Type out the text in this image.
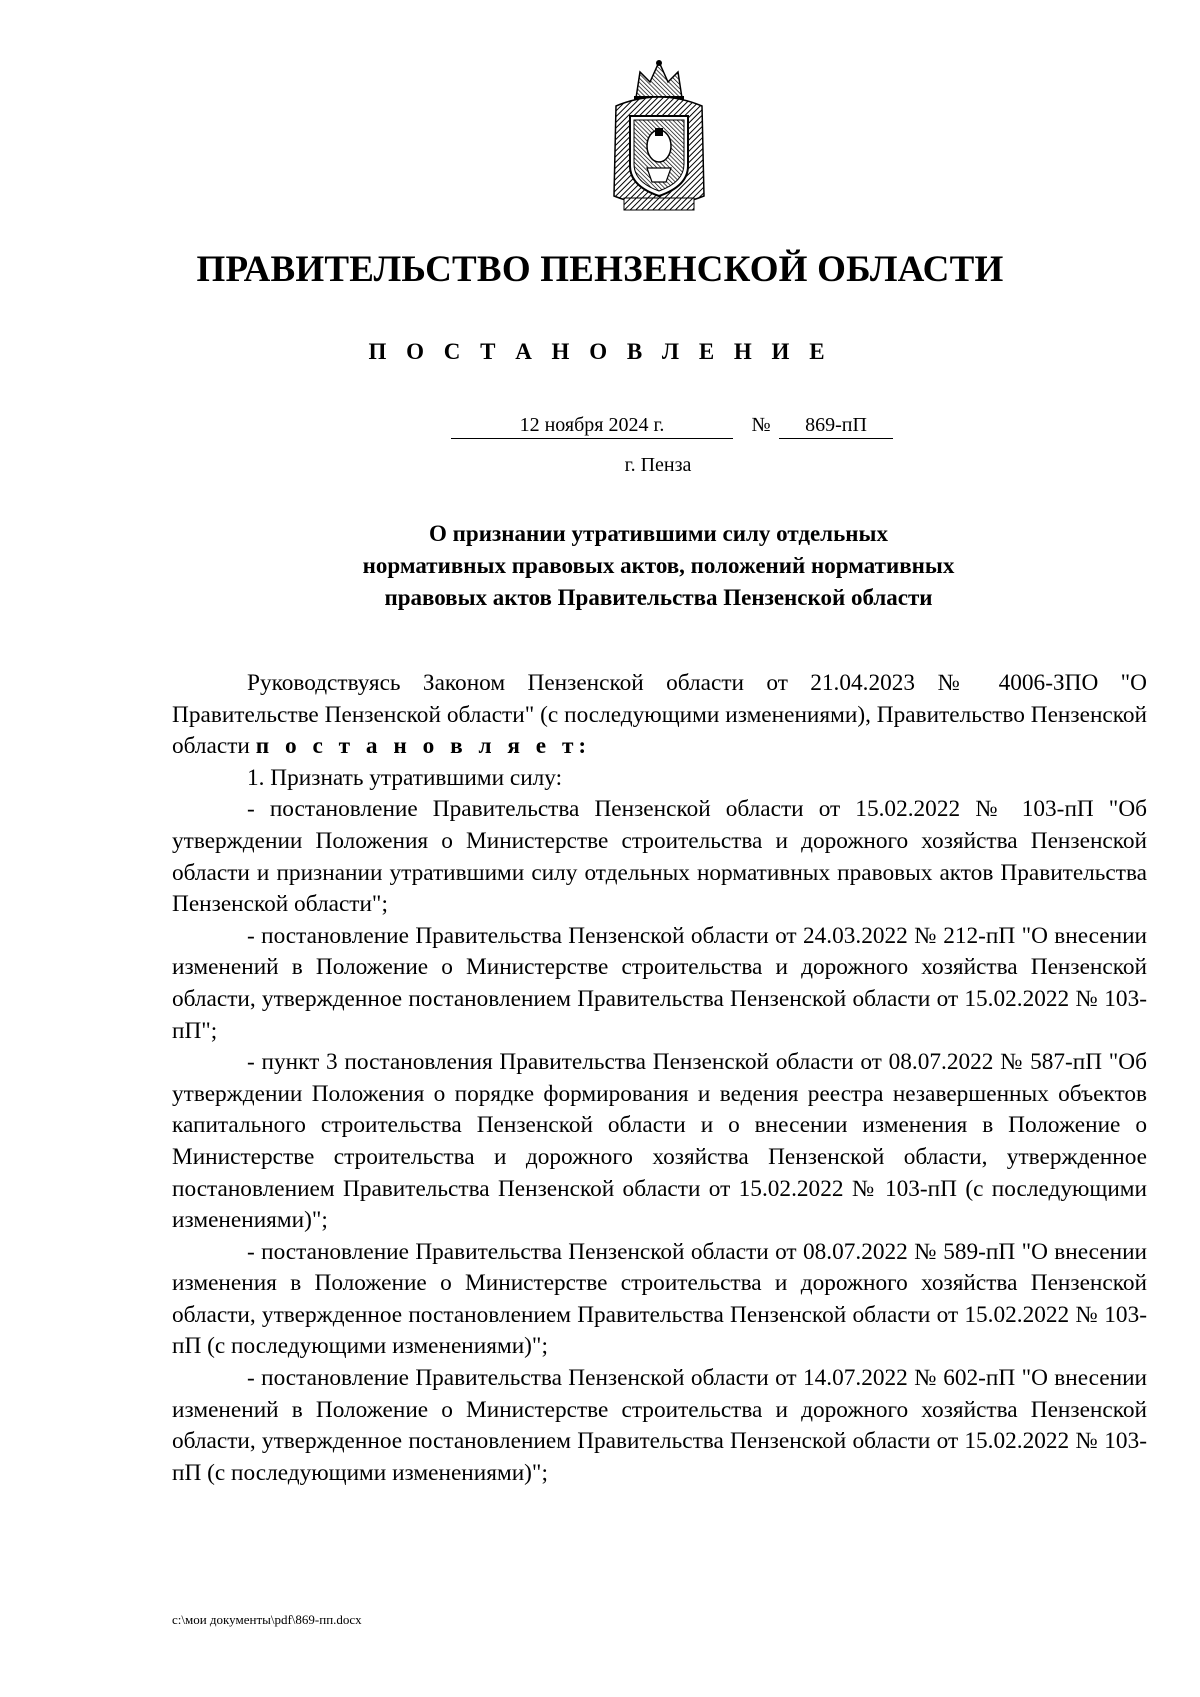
ПРАВИТЕЛЬСТВО ПЕНЗЕНСКОЙ ОБЛАСТИ
П О С Т А Н О В Л Е Н И Е
12 ноября 2024 г.	№	869-пП
г. Пенза
О признании утратившими силу отдельных
нормативных правовых актов, положений нормативных
правовых актов Правительства Пензенской области

Руководствуясь Законом Пензенской области от 21.04.2023 № 4006-ЗПО "О Правительстве Пензенской области" (с последующими изменениями), Правительство Пензенской области п о с т а н о в л я е т:

1. Признать утратившими силу:

- постановление Правительства Пензенской области от 15.02.2022 № 103-пП "Об утверждении Положения о Министерстве строительства и дорожного хозяйства Пензенской области и признании утратившими силу отдельных нормативных правовых актов Правительства Пензенской области";

- постановление Правительства Пензенской области от 24.03.2022 № 212-пП "О внесении изменений в Положение о Министерстве строительства и дорожного хозяйства Пензенской области, утвержденное постановлением Правительства Пензенской области от 15.02.2022 № 103-пП";

- пункт 3 постановления Правительства Пензенской области от 08.07.2022 № 587-пП "Об утверждении Положения о порядке формирования и ведения реестра незавершенных объектов капитального строительства Пензенской области и о внесении изменения в Положение о Министерстве строительства и дорожного хозяйства Пензенской области, утвержденное постановлением Правительства Пензенской области от 15.02.2022 № 103-пП (с последующими изменениями)";

- постановление Правительства Пензенской области от 08.07.2022 № 589-пП "О внесении изменения в Положение о Министерстве строительства и дорожного хозяйства Пензенской области, утвержденное постановлением Правительства Пензенской области от 15.02.2022 № 103-пП (с последующими изменениями)";

- постановление Правительства Пензенской области от 14.07.2022 № 602-пП "О внесении изменений в Положение о Министерстве строительства и дорожного хозяйства Пензенской области, утвержденное постановлением Правительства Пензенской области от 15.02.2022 № 103-пП (с последующими изменениями)";

c:\мои документы\pdf\869-пп.docx
